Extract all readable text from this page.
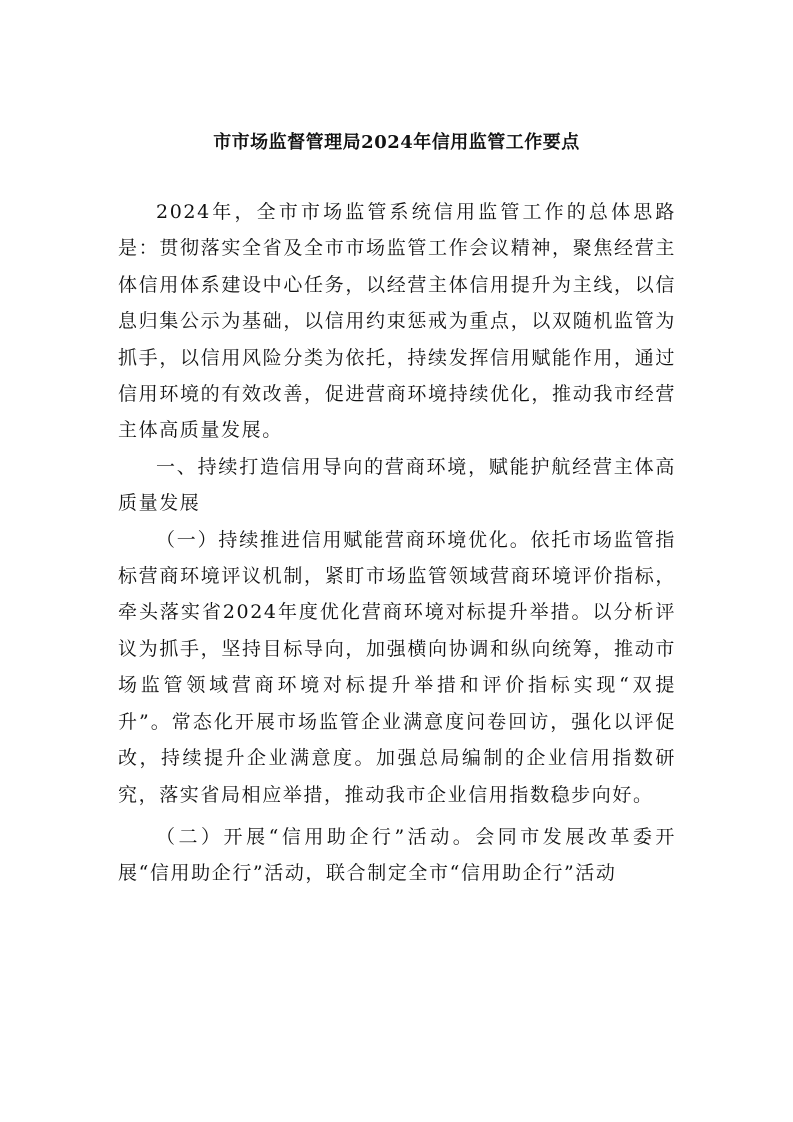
市市场监督管理局2024年信用监管工作要点

2024年，全市市场监管系统信用监管工作的总体思路是：贯彻落实全省及全市市场监管工作会议精神，聚焦经营主体信用体系建设中心任务，以经营主体信用提升为主线，以信息归集公示为基础，以信用约束惩戒为重点，以双随机监管为抓手，以信用风险分类为依托，持续发挥信用赋能作用，通过信用环境的有效改善，促进营商环境持续优化，推动我市经营主体高质量发展。

一、持续打造信用导向的营商环境，赋能护航经营主体高质量发展

（一）持续推进信用赋能营商环境优化。依托市场监管指标营商环境评议机制，紧盯市场监管领域营商环境评价指标，牵头落实省2024年度优化营商环境对标提升举措。以分析评议为抓手，坚持目标导向，加强横向协调和纵向统筹，推动市场监管领域营商环境对标提升举措和评价指标实现“双提升”。常态化开展市场监管企业满意度问卷回访，强化以评促改，持续提升企业满意度。加强总局编制的企业信用指数研究，落实省局相应举措，推动我市企业信用指数稳步向好。

（二）开展“信用助企行”活动。会同市发展改革委开展“信用助企行”活动，联合制定全市“信用助企行”活动
